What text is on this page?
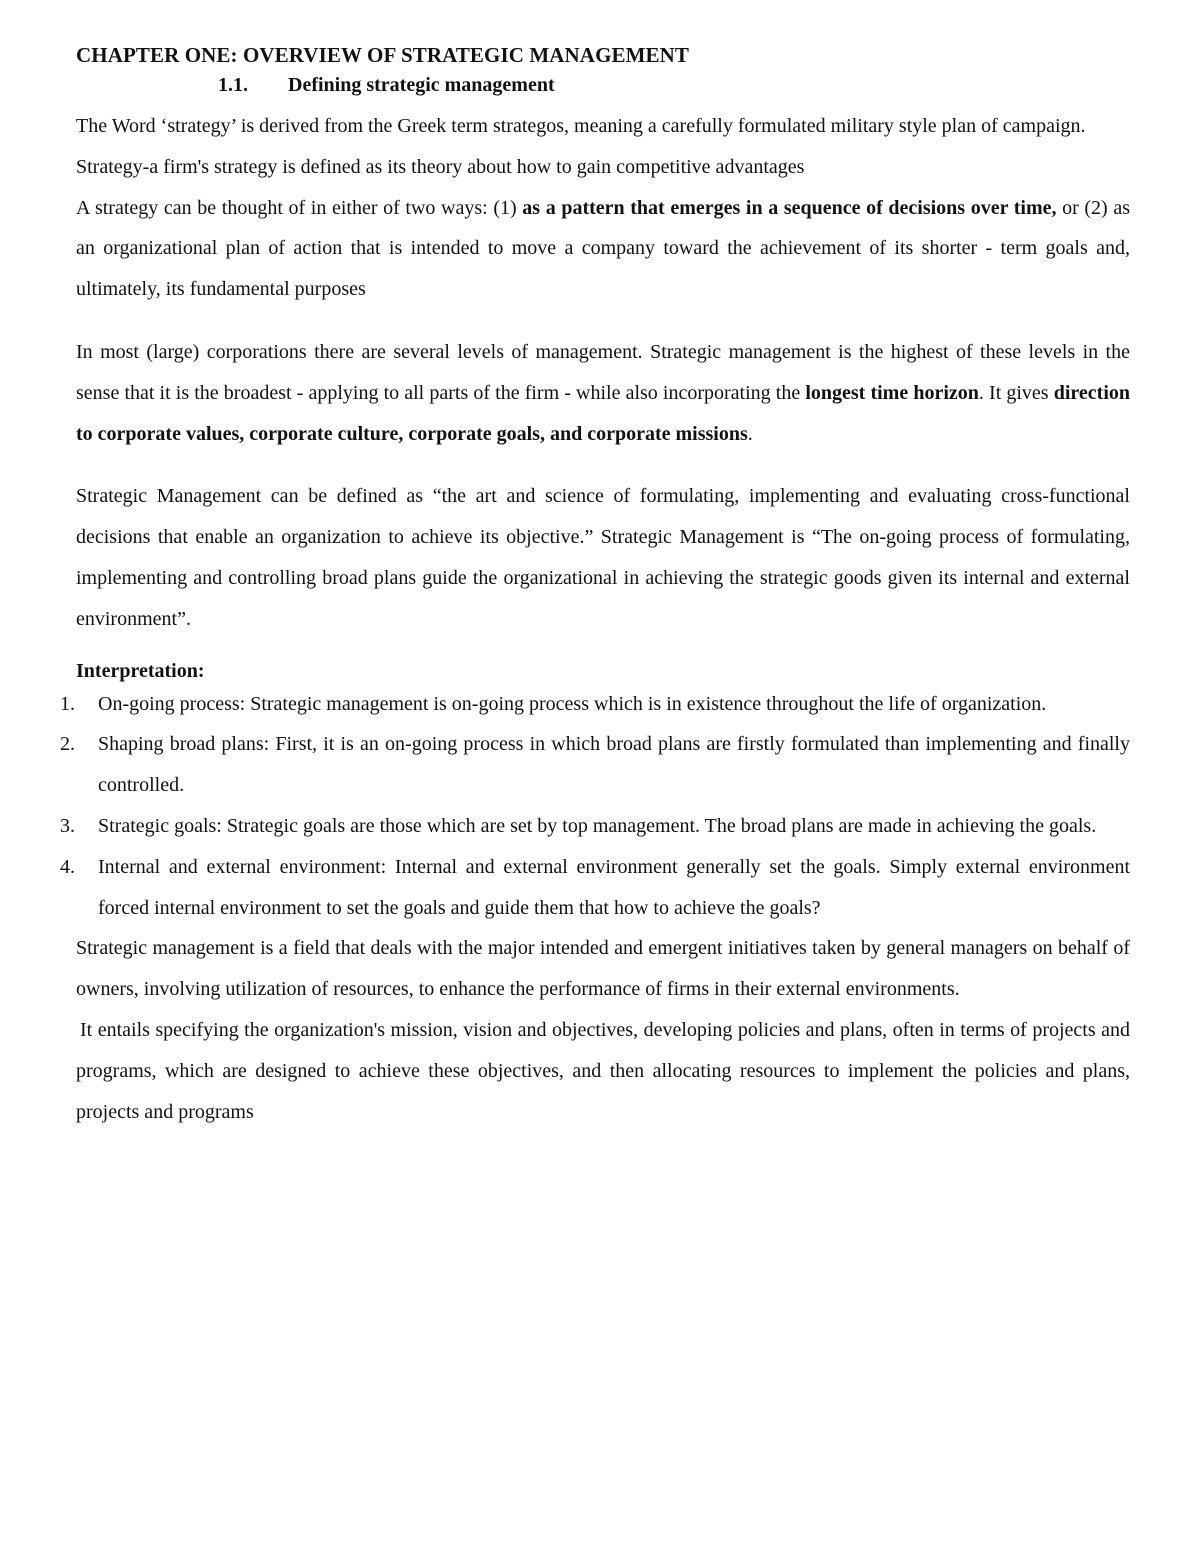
CHAPTER ONE: OVERVIEW OF STRATEGIC MANAGEMENT
1.1. Defining strategic management

The Word ‘strategy’ is derived from the Greek term strategos, meaning a carefully formulated military style plan of campaign.

Strategy-a firm's strategy is defined as its theory about how to gain competitive advantages

A strategy can be thought of in either of two ways: (1) as a pattern that emerges in a sequence of decisions over time, or (2) as an organizational plan of action that is intended to move a company toward the achievement of its shorter - term goals and, ultimately, its fundamental purposes

In most (large) corporations there are several levels of management. Strategic management is the highest of these levels in the sense that it is the broadest - applying to all parts of the firm - while also incorporating the longest time horizon. It gives direction to corporate values, corporate culture, corporate goals, and corporate missions.

Strategic Management can be defined as “the art and science of formulating, implementing and evaluating cross-functional decisions that enable an organization to achieve its objective.” Strategic Management is “The on-going process of formulating, implementing and controlling broad plans guide the organizational in achieving the strategic goods given its internal and external environment”.

Interpretation:
1. On-going process: Strategic management is on-going process which is in existence throughout the life of organization.
2. Shaping broad plans: First, it is an on-going process in which broad plans are firstly formulated than implementing and finally controlled.
3. Strategic goals: Strategic goals are those which are set by top management. The broad plans are made in achieving the goals.
4. Internal and external environment: Internal and external environment generally set the goals. Simply external environment forced internal environment to set the goals and guide them that how to achieve the goals?

Strategic management is a field that deals with the major intended and emergent initiatives taken by general managers on behalf of owners, involving utilization of resources, to enhance the performance of firms in their external environments.

It entails specifying the organization's mission, vision and objectives, developing policies and plans, often in terms of projects and programs, which are designed to achieve these objectives, and then allocating resources to implement the policies and plans, projects and programs
